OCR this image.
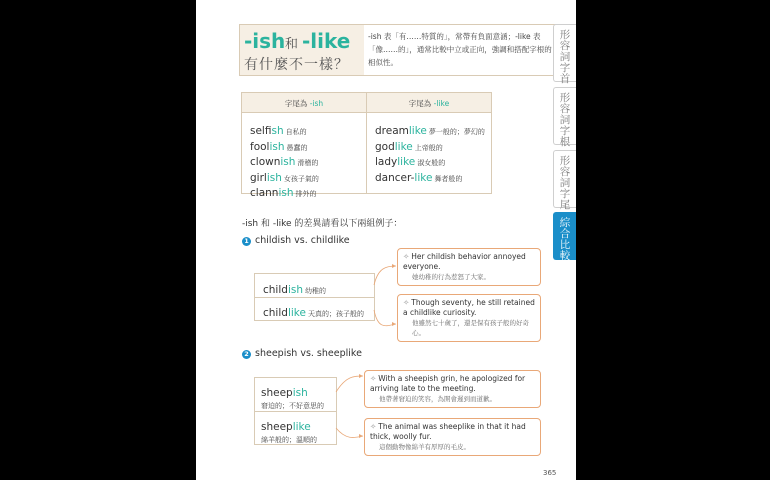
-ish 和 -like
有什麼不一樣？
-ish 表「有……特質的」，常帶有負面意涵；-like 表「像……的」，通常比較中立或正向，強調和搭配字根的相似性。
形
容
詞
字
首
形
容
詞
字
根
形
容
詞
字
尾
綜
合
比
較
字尾為 -ish	字尾為 -like
selfish 自私的
foolish 愚蠢的
clownish 滑稽的
girlish 女孩子氣的
clannish 排外的
dreamlike 夢一般的；夢幻的
godlike 上帝般的
ladylike 淑女般的
dancer-like 舞者般的
-ish 和 -like 的差異請看以下兩組例子：
1 childish vs. childlike
childish 幼稚的
childlike 天真的；孩子般的
✧ Her childish behavior annoyed everyone.
她幼稚的行為惹怒了大家。
✧ Though seventy, he still retained a childlike curiosity.
他雖然七十歲了，還是保有孩子般的好奇心。
2 sheepish vs. sheeplike
sheepish
窘迫的；不好意思的
sheeplike
綿羊般的；溫順的
✧ With a sheepish grin, he apologized for arriving late to the meeting.
他帶著窘迫的笑容，為開會遲到而道歉。
✧ The animal was sheeplike in that it had thick, woolly fur.
這個動物像綿羊有厚厚的毛皮。
365
